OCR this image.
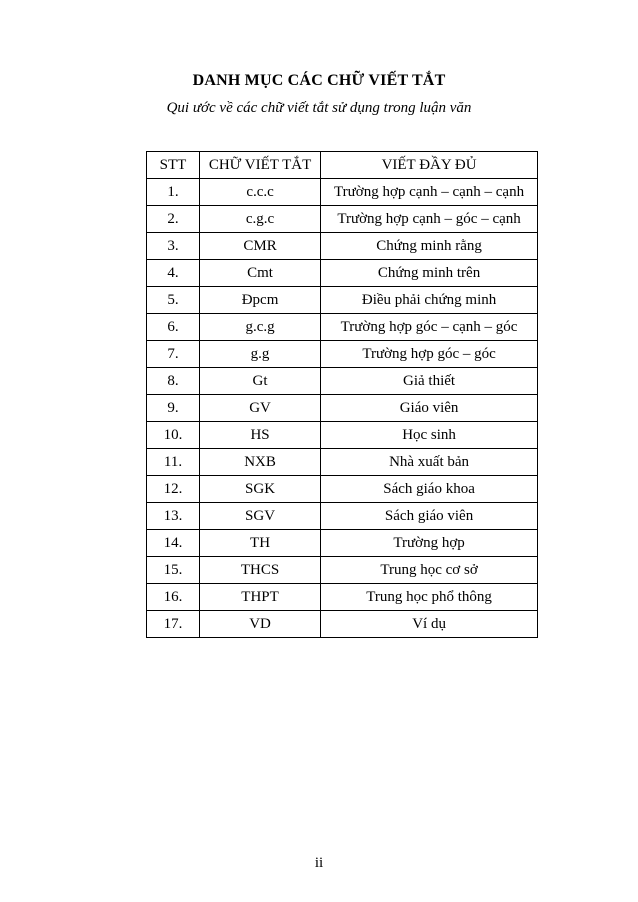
DANH MỤC CÁC CHỮ VIẾT TẮT
Qui ước về các chữ viết tắt sử dụng trong luận văn
STT	CHỮ VIẾT TẮT	VIẾT ĐẦY ĐỦ
1.	c.c.c	Trường hợp cạnh – cạnh – cạnh
2.	c.g.c	Trường hợp cạnh – góc – cạnh
3.	CMR	Chứng minh rằng
4.	Cmt	Chứng minh trên
5.	Đpcm	Điều phải chứng minh
6.	g.c.g	Trường hợp góc – cạnh – góc
7.	g.g	Trường hợp góc – góc
8.	Gt	Giả thiết
9.	GV	Giáo viên
10.	HS	Học sinh
11.	NXB	Nhà xuất bản
12.	SGK	Sách giáo khoa
13.	SGV	Sách giáo viên
14.	TH	Trường hợp
15.	THCS	Trung học cơ sở
16.	THPT	Trung học phổ thông
17.	VD	Ví dụ
ii
